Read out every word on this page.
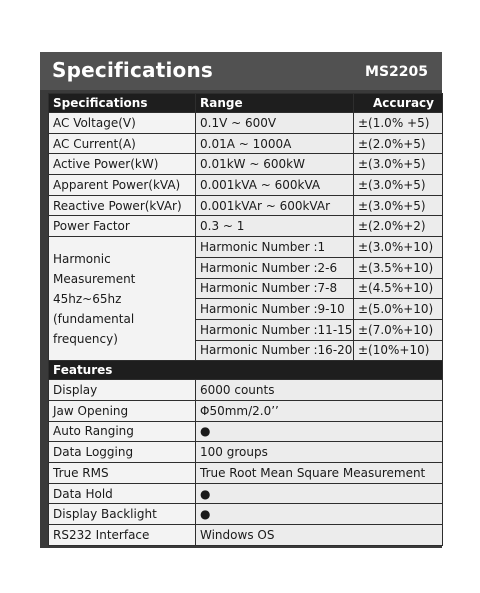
Specifications	MS2205
Specifications	Range	Accuracy
AC Voltage(V)	0.1V ~ 600V	±(1.0% +5)
AC Current(A)	0.01A ~ 1000A	±(2.0%+5)
Active Power(kW)	0.01kW ~ 600kW	±(3.0%+5)
Apparent Power(kVA)	0.001kVA ~ 600kVA	±(3.0%+5)
Reactive Power(kVAr)	0.001kVAr ~ 600kVAr	±(3.0%+5)
Power Factor	0.3 ~ 1	±(2.0%+2)

Harmonic
Measurement
45hz~65hz
(fundamental
frequency)	Harmonic Number :1	±(3.0%+10)
	Harmonic Number :2-6	±(3.5%+10)
	Harmonic Number :7-8	±(4.5%+10)
	Harmonic Number :9-10	±(5.0%+10)
	Harmonic Number :11-15	±(7.0%+10)
	Harmonic Number :16-20	±(10%+10)
Features		
Display	6000 counts	
Jaw Opening	Φ50mm/2.0’’	
Auto Ranging	●	
Data Logging	100 groups	
True RMS	True Root Mean Square Measurement	
Data Hold	●	
Display Backlight	●	
RS232 Interface	Windows OS	
